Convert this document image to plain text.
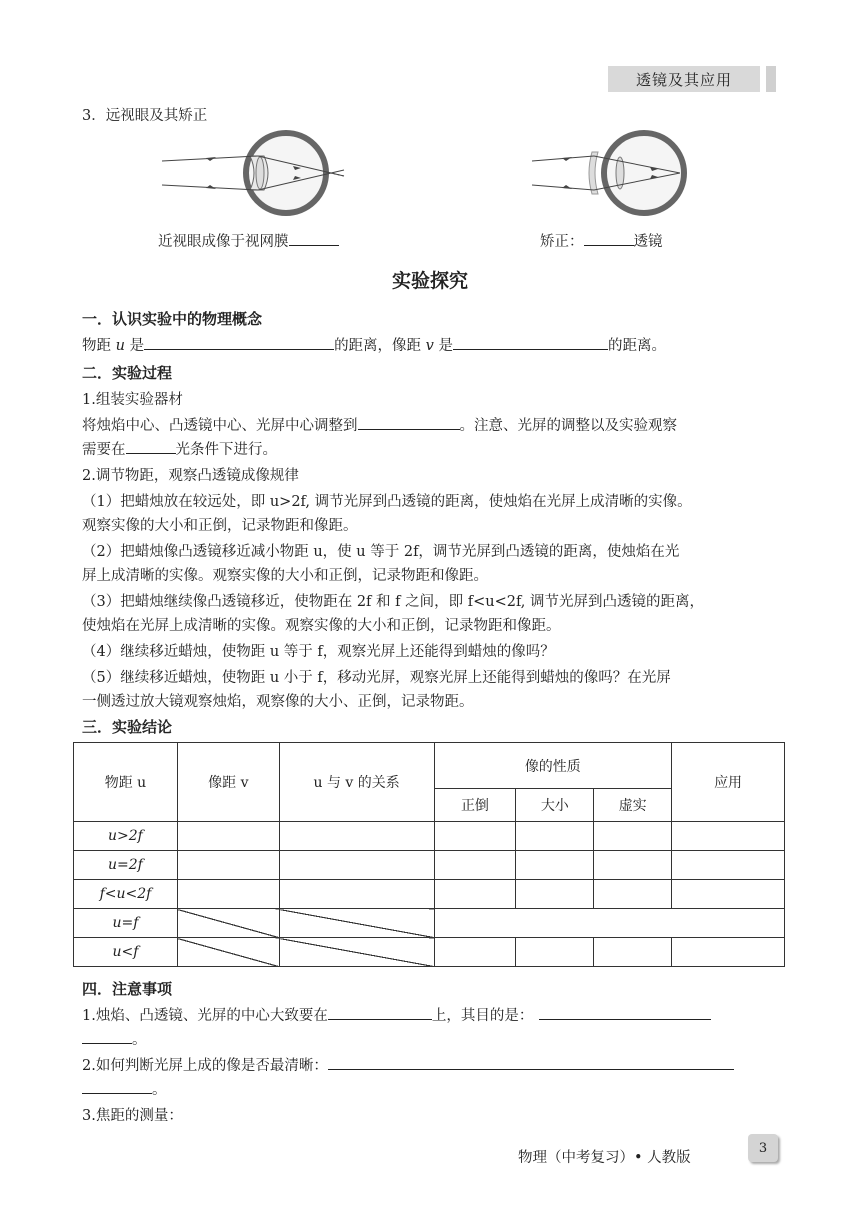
透镜及其应用
3．远视眼及其矫正
近视眼成像于视网膜	矫正：	透镜
实验探究
一．认识实验中的物理概念
物距 u 是	的距离，像距 v 是	的距离。
二．实验过程
1.组装实验器材
将烛焰中心、凸透镜中心、光屏中心调整到	。注意、光屏的调整以及实验观察
需要在	光条件下进行。
2.调节物距，观察凸透镜成像规律
（1）把蜡烛放在较远处，即 u>2f, 调节光屏到凸透镜的距离，使烛焰在光屏上成清晰的实像。
观察实像的大小和正倒，记录物距和像距。
（2）把蜡烛像凸透镜移近减小物距 u，使 u 等于 2f，调节光屏到凸透镜的距离，使烛焰在光
屏上成清晰的实像。观察实像的大小和正倒，记录物距和像距。
（3）把蜡烛继续像凸透镜移近，使物距在 2f 和 f 之间，即 f<u<2f, 调节光屏到凸透镜的距离，
使烛焰在光屏上成清晰的实像。观察实像的大小和正倒，记录物距和像距。
（4）继续移近蜡烛，使物距 u 等于 f，观察光屏上还能得到蜡烛的像吗？
（5）继续移近蜡烛，使物距 u 小于 f，移动光屏，观察光屏上还能得到蜡烛的像吗？在光屏
一侧透过放大镜观察烛焰，观察像的大小、正倒，记录物距。
三．实验结论
物距 u	像距 v	u 与 v 的关系	像的性质			应用
			正倒	大小	虚实	
u>2f						
u=2f						
f<u<2f						
u=f						
u<f						
四．注意事项
1.烛焰、凸透镜、光屏的中心大致要在	上，其目的是：
。
2.如何判断光屏上成的像是否最清晰：
。
3.焦距的测量：
物理（中考复习）• 人教版
3
